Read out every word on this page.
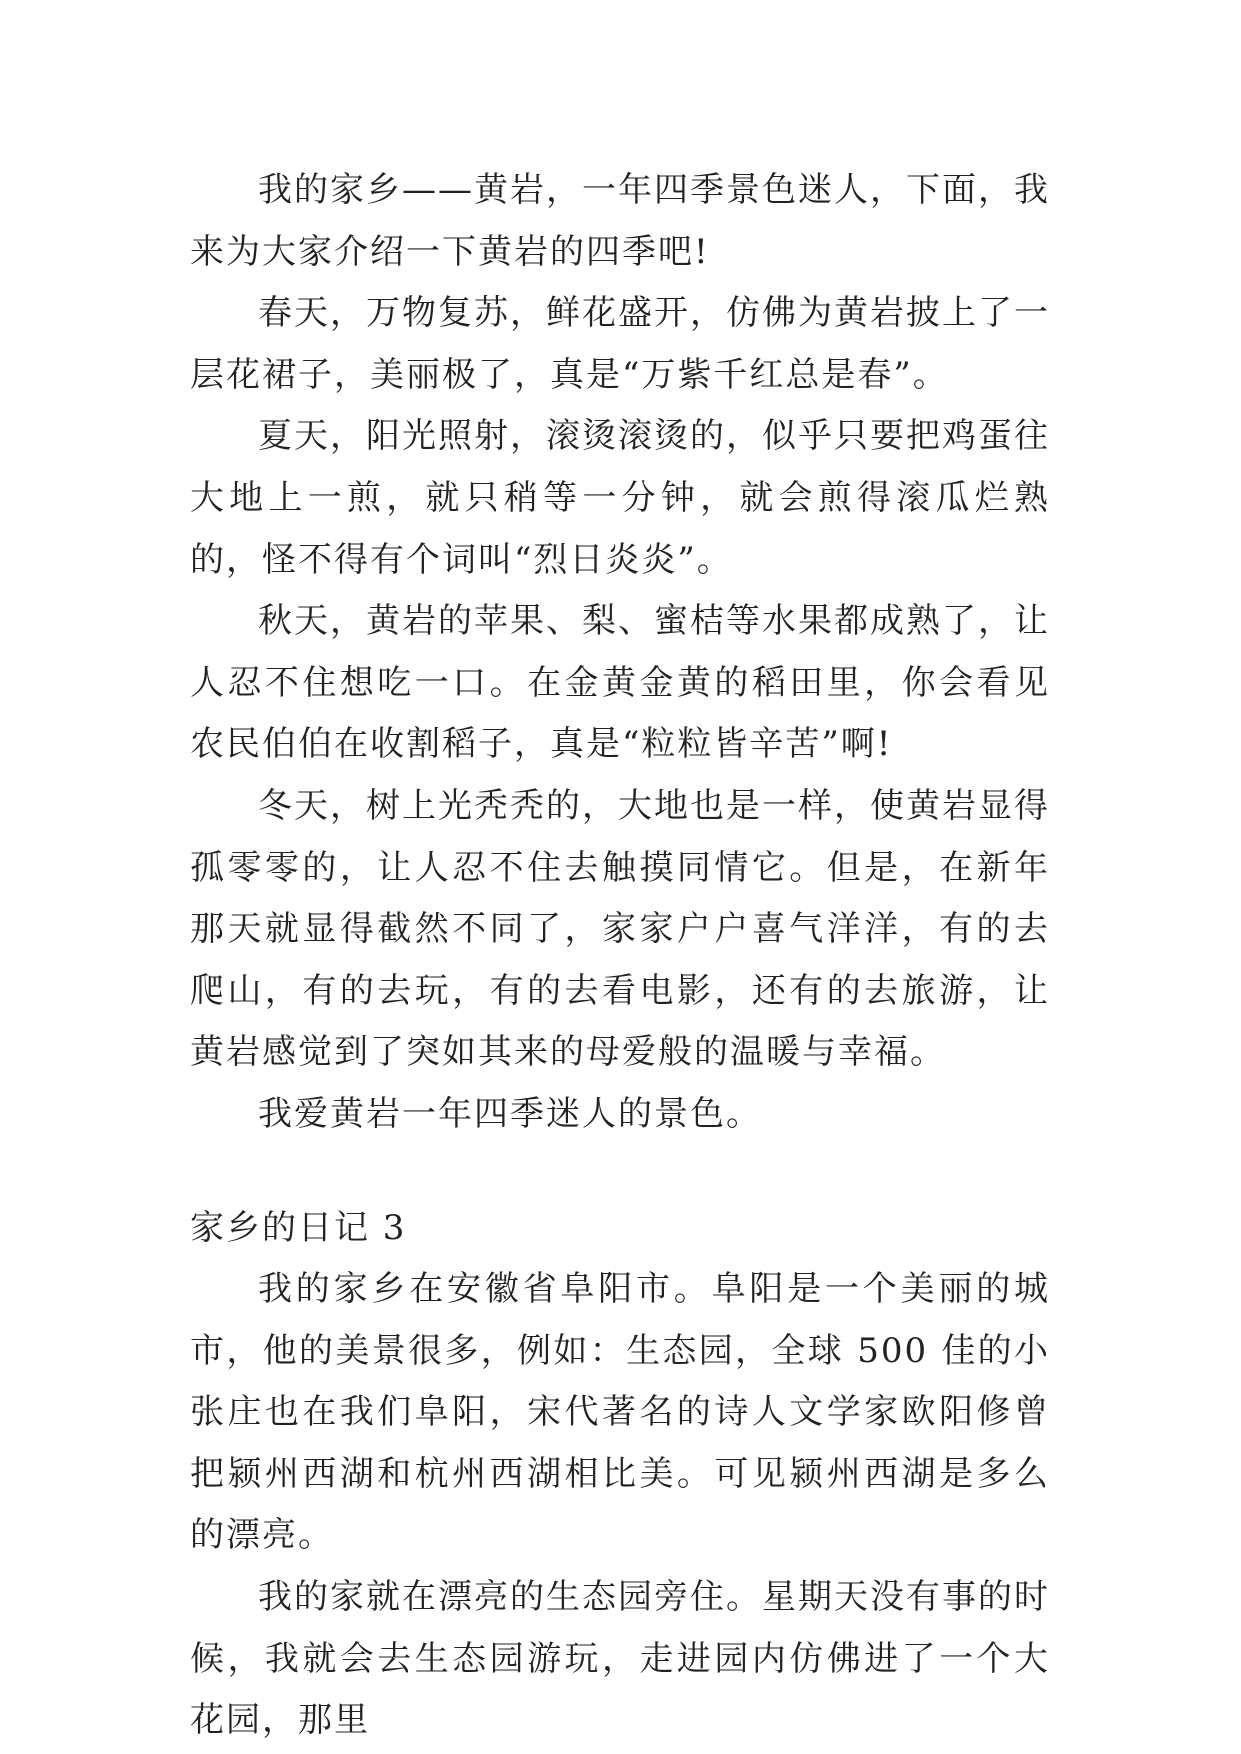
我的家乡——黄岩，一年四季景色迷人，下面，我来为大家介绍一下黄岩的四季吧!

春天，万物复苏，鲜花盛开，仿佛为黄岩披上了一层花裙子，美丽极了，真是“万紫千红总是春”。

夏天，阳光照射，滚烫滚烫的，似乎只要把鸡蛋往大地上一煎，就只稍等一分钟，就会煎得滚瓜烂熟的，怪不得有个词叫“烈日炎炎”。

秋天，黄岩的苹果、梨、蜜桔等水果都成熟了，让人忍不住想吃一口。在金黄金黄的稻田里，你会看见农民伯伯在收割稻子，真是“粒粒皆辛苦”啊!

冬天，树上光秃秃的，大地也是一样，使黄岩显得孤零零的，让人忍不住去触摸同情它。但是，在新年那天就显得截然不同了，家家户户喜气洋洋，有的去爬山，有的去玩，有的去看电影，还有的去旅游，让黄岩感觉到了突如其来的母爱般的温暖与幸福。

我爱黄岩一年四季迷人的景色。

家乡的日记 3

我的家乡在安徽省阜阳市。阜阳是一个美丽的城市，他的美景很多，例如：生态园，全球 500 佳的小张庄也在我们阜阳，宋代著名的诗人文学家欧阳修曾把颍州西湖和杭州西湖相比美。可见颍州西湖是多么的漂亮。

我的家就在漂亮的生态园旁住。星期天没有事的时候，我就会去生态园游玩，走进园内仿佛进了一个大花园，那里
